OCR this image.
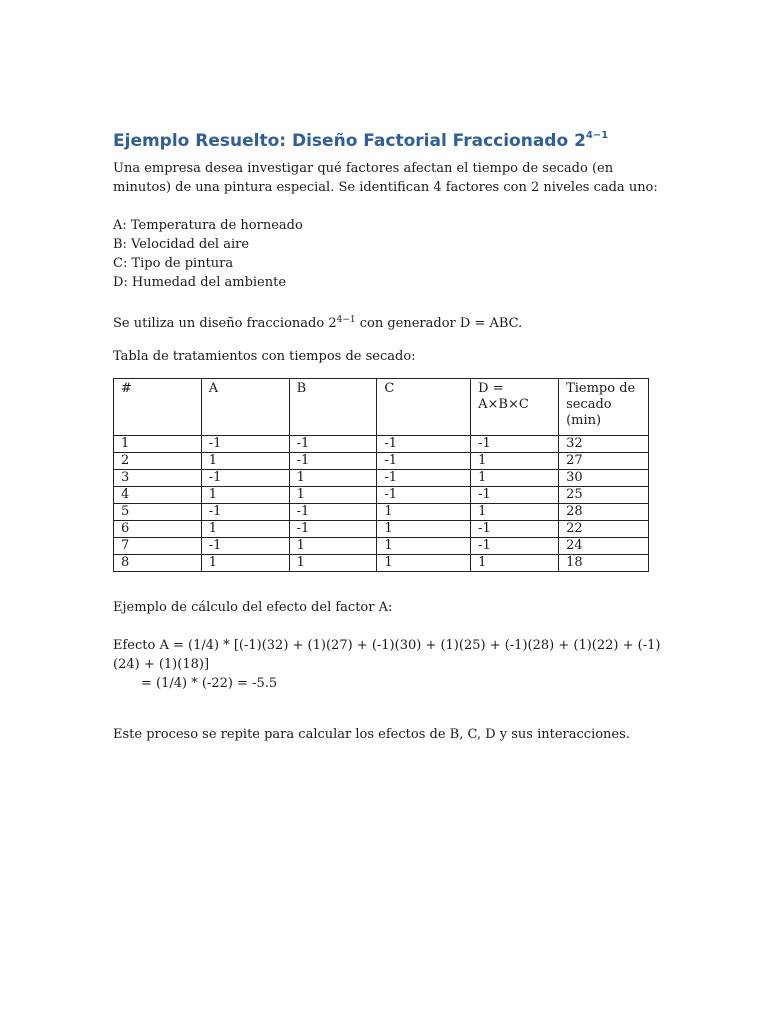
Ejemplo Resuelto: Diseño Factorial Fraccionado $2^{4-1}$

Una empresa desea investigar qué factores afectan el tiempo de secado (en minutos) de una pintura especial. Se identifican 4 factores con 2 niveles cada uno:

A: Temperatura de horneado
B: Velocidad del aire
C: Tipo de pintura
D: Humedad del ambiente

Se utiliza un diseño fraccionado $2^{4-1}$ con generador D = ABC.

Tabla de tratamientos con tiempos de secado:

#	A	B	C	D = A×B×C	Tiempo de secado (min)
1	-1	-1	-1	-1	32
2	1	-1	-1	1	27
3	-1	1	-1	1	30
4	1	1	-1	-1	25
5	-1	-1	1	1	28
6	1	-1	1	-1	22
7	-1	1	1	-1	24
8	1	1	1	1	18

Ejemplo de cálculo del efecto del factor A:

Efecto A = (1/4) * [(-1)(32) + (1)(27) + (-1)(30) + (1)(25) + (-1)(28) + (1)(22) + (-1)(24) + (1)(18)]

= (1/4) * (-22) = -5.5

Este proceso se repite para calcular los efectos de B, C, D y sus interacciones.
